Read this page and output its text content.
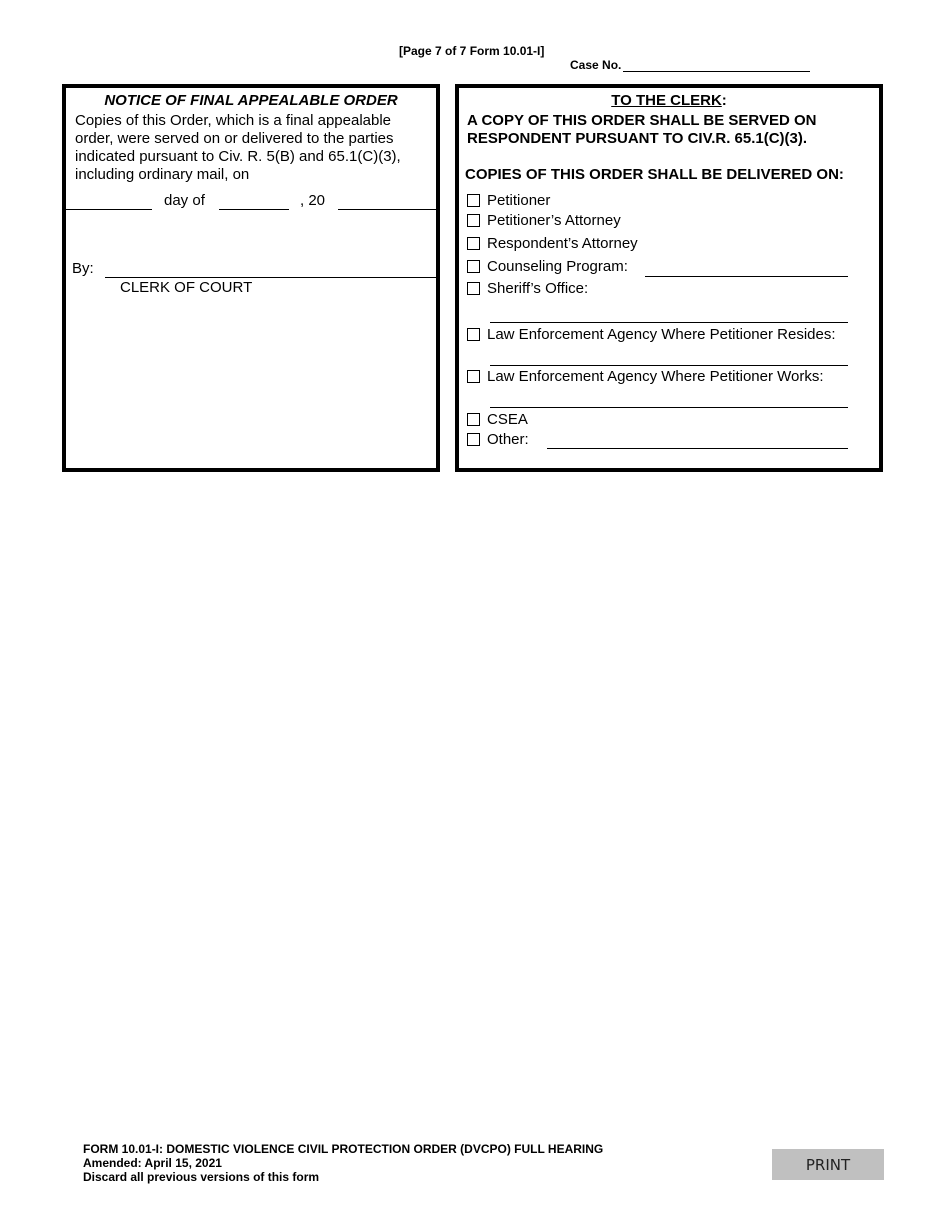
[Page 7 of 7 Form 10.01-I]
Case No.
NOTICE OF FINAL APPEALABLE ORDER
Copies of this Order, which is a final appealable order, were served on or delivered to the parties indicated pursuant to Civ. R. 5(B) and 65.1(C)(3), including ordinary mail, on
day of	, 20
By:
CLERK OF COURT
TO THE CLERK:
A COPY OF THIS ORDER SHALL BE SERVED ON RESPONDENT PURSUANT TO CIV.R. 65.1(C)(3).
COPIES OF THIS ORDER SHALL BE DELIVERED ON:
Petitioner
Petitioner’s Attorney
Respondent’s Attorney
Counseling Program:
Sheriff’s Office:
Law Enforcement Agency Where Petitioner Resides:
Law Enforcement Agency Where Petitioner Works:
CSEA
Other:
FORM 10.01-I: DOMESTIC VIOLENCE CIVIL PROTECTION ORDER (DVCPO) FULL HEARING
Amended: April 15, 2021
Discard all previous versions of this form
PRINT
